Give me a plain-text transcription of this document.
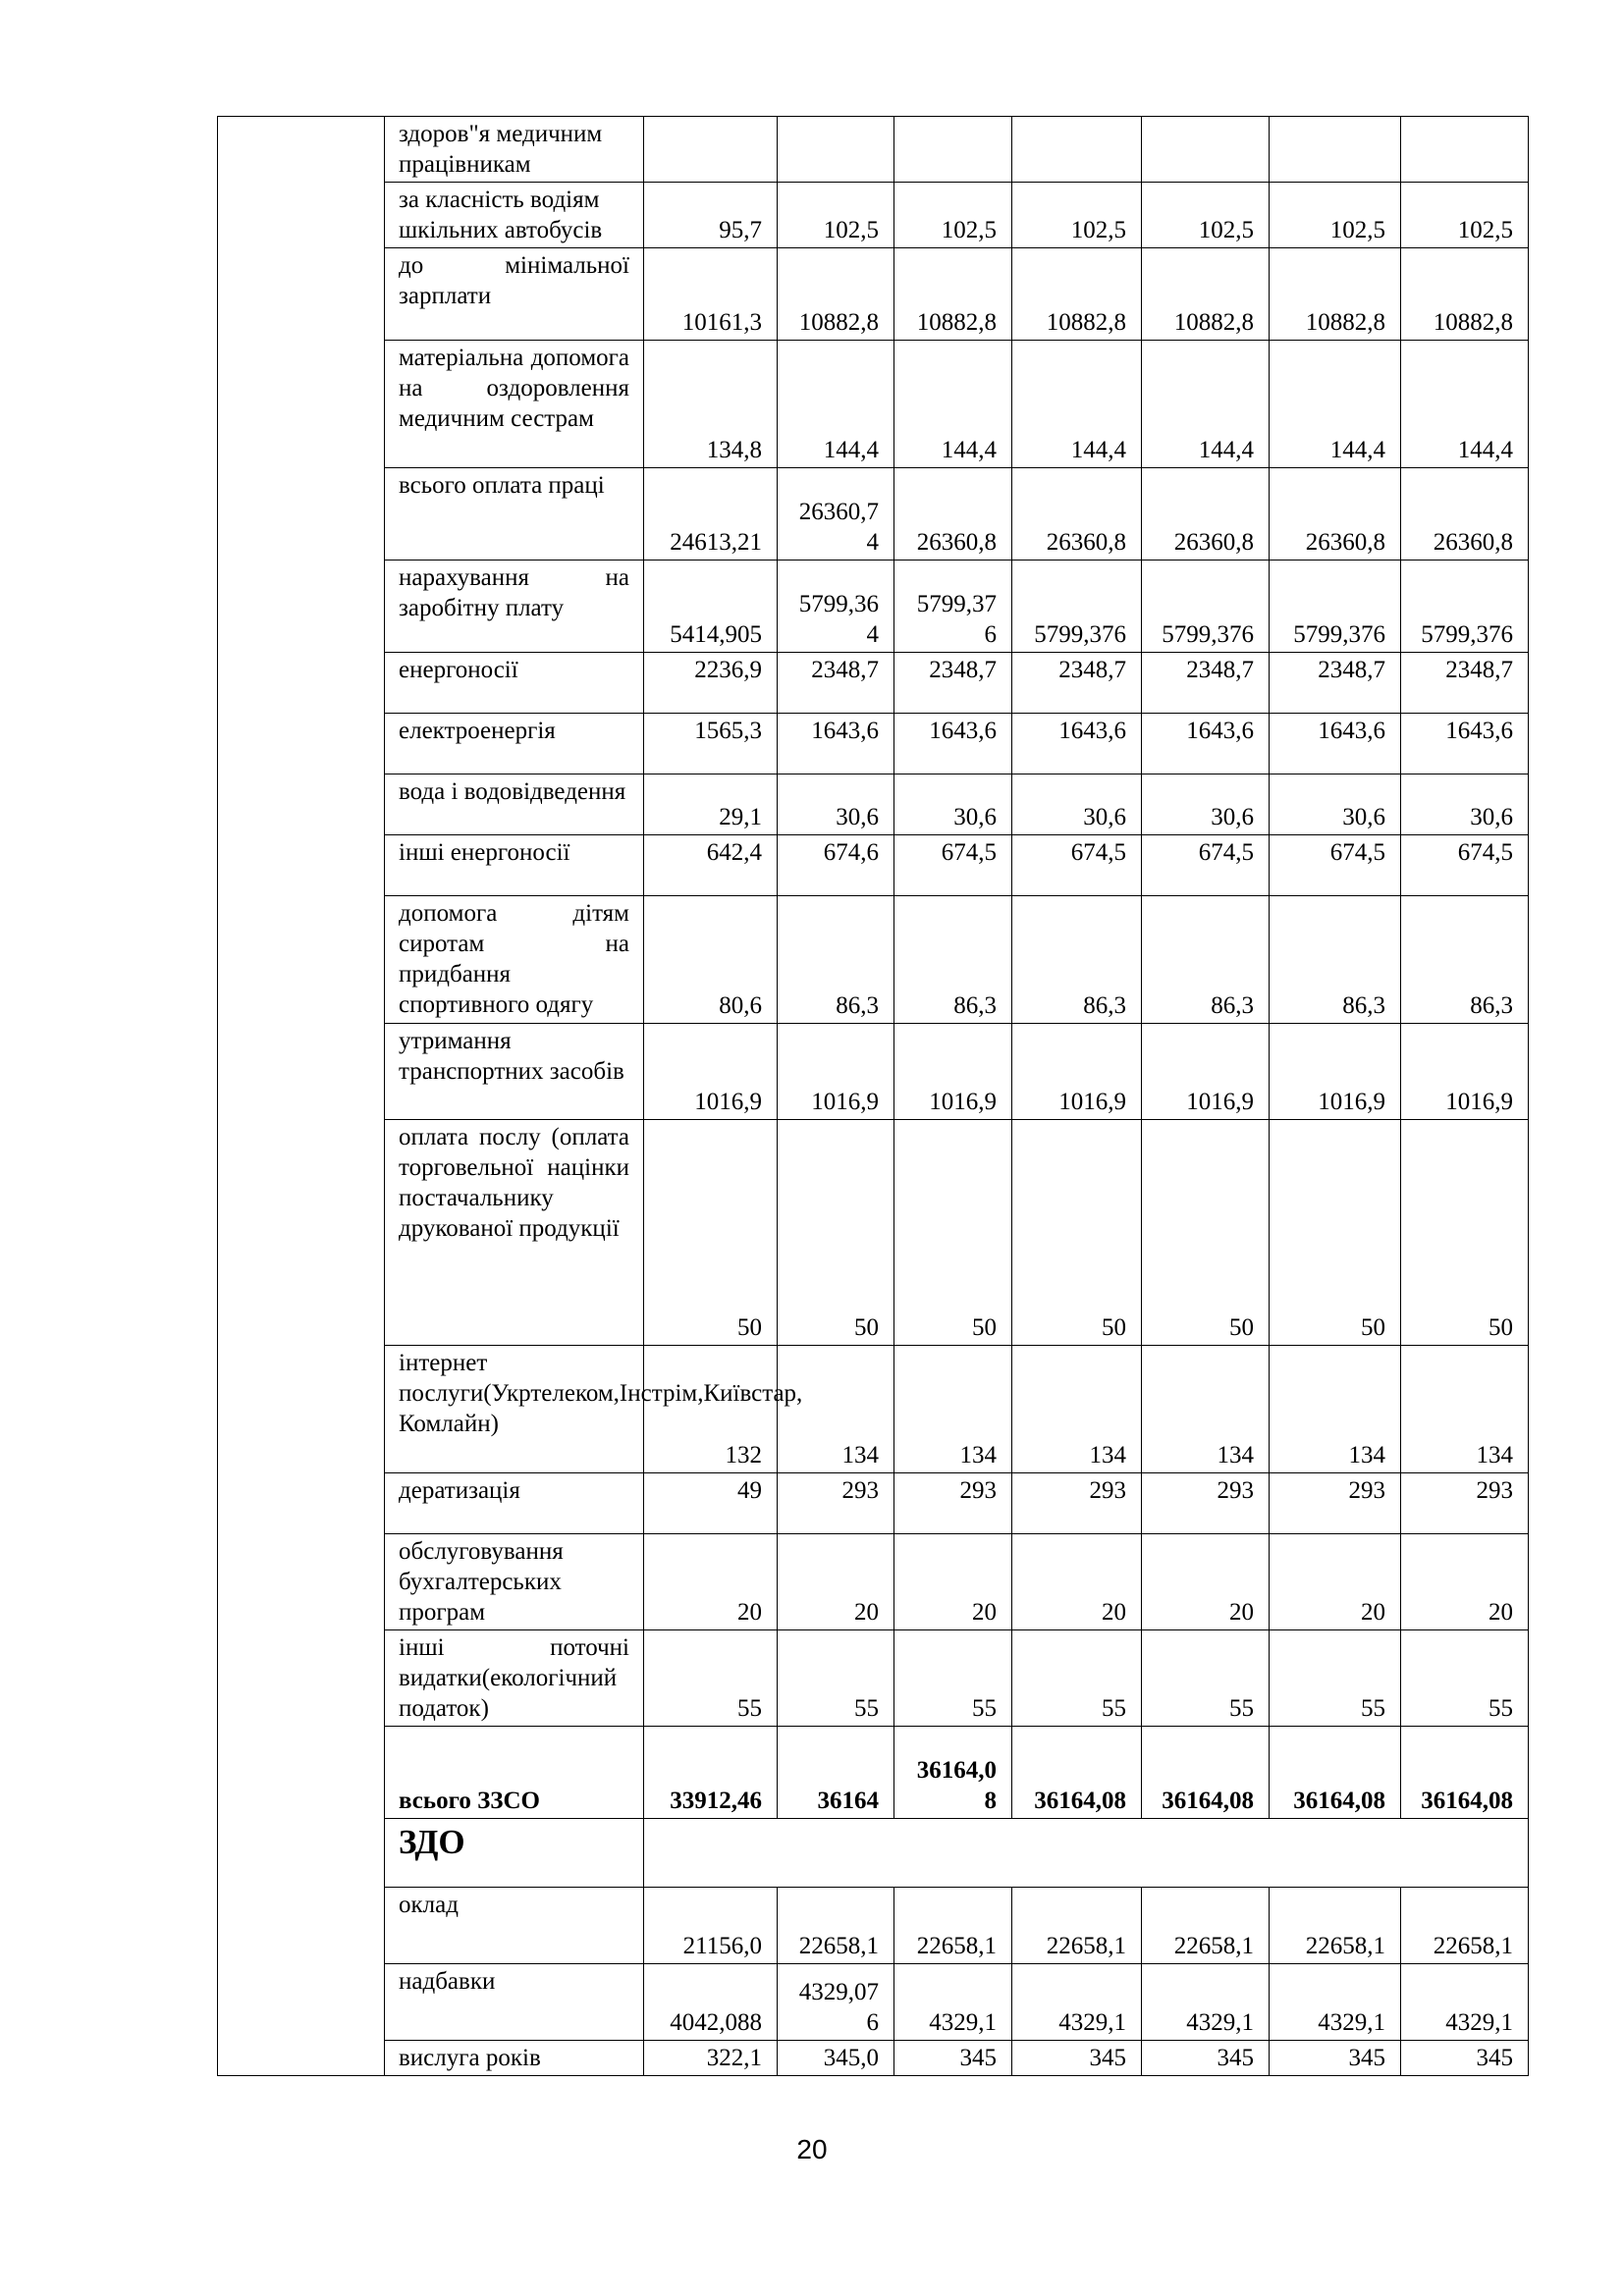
	здоров"я медичним працівникам							
	за класність водіям шкільних автобусів	95,7	102,5	102,5	102,5	102,5	102,5	102,5
	до мінімальної зарплати	10161,3	10882,8	10882,8	10882,8	10882,8	10882,8	10882,8
	матеріальна допомога на оздоровлення медичним сестрам	134,8	144,4	144,4	144,4	144,4	144,4	144,4
	всього оплата праці	24613,21	26360,74	26360,8	26360,8	26360,8	26360,8	26360,8
	нарахування на заробітну плату	5414,905	5799,364	5799,376	5799,376	5799,376	5799,376	5799,376
	енергоносії	2236,9	2348,7	2348,7	2348,7	2348,7	2348,7	2348,7
	електроенергія	1565,3	1643,6	1643,6	1643,6	1643,6	1643,6	1643,6
	вода і водовідведення	29,1	30,6	30,6	30,6	30,6	30,6	30,6
	інші енергоносії	642,4	674,6	674,5	674,5	674,5	674,5	674,5
	допомога дітям сиротам на придбання спортивного одягу	80,6	86,3	86,3	86,3	86,3	86,3	86,3
	утримання транспортних засобів	1016,9	1016,9	1016,9	1016,9	1016,9	1016,9	1016,9
	оплата послу (оплата торговельної націнки постачальнику друкованої продукції	50	50	50	50	50	50	50
	інтернет послуги(Укртелеком,Інстрім,Київстар, Комлайн)	132	134	134	134	134	134	134
	дератизація	49	293	293	293	293	293	293
	обслуговування бухгалтерських програм	20	20	20	20	20	20	20
	інші поточні видатки(екологічний податок)	55	55	55	55	55	55	55
	всього ЗЗСО	33912,46	36164	36164,08	36164,08	36164,08	36164,08	36164,08
	ЗДО							
	оклад	21156,0	22658,1	22658,1	22658,1	22658,1	22658,1	22658,1
	надбавки	4042,088	4329,076	4329,1	4329,1	4329,1	4329,1	4329,1
	вислуга років	322,1	345,0	345	345	345	345	345
20
